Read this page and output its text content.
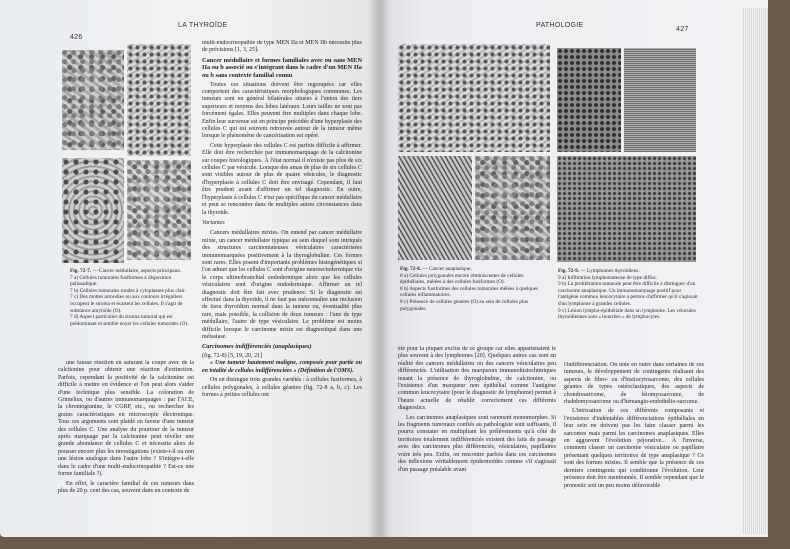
426
LA THYROÏDE
Fig. 72-7. — Cancer médullaire, aspects principaux.
7 a) Cellules tumorales fusiformes à disposition palissadique.
7 b) Cellules tumorales rondes à cytoplasme plus clair.
7 c) Des mottes arrondies ou aux contours irréguliers occupent le stroma et écartent les cellules. Il s'agit de substance amyloïde (O).
7 d) Aspect particulier du stroma tumoral qui est prédominant et semble noyer les cellules tumorales (O).

une fausse réaction en saturant la coupe avec de la calcitonine pour obtenir une réaction d'extinction. Parfois, cependant la positivité de la calcitonine est difficile à mettre en évidence et l'on peut alors s'aider d'une technique plus sensible. La coloration de Grimelius, ou d'autres immunomarquages : par l'ACE, la chromogranine, le CGRP, etc., ou rechercher les grains caractéristiques en microscopie électronique. Tous ces arguments sont plaidé en faveur d'une tumeur des cellules C. Une analyse du pourtour de la tumeur après marquage par la calcitonine peut révéler une grande abondance de cellules C et nécessite alors de pousser encore plus les investigations (existe-t-il ou non une lésion analogue dans l'autre lobe ? S'intègre-t-elle dans le cadre d'une multi-endocrinopathie ? Est-ce une forme familiale ?).

En effet, le caractère familial de ces tumeurs dans plus de 20 p. cent des cas, souvent dans un contexte de

multi-endocrinopathie de type MEN IIa et MEN IIb nécessite plus de précisions [1, 3, 25].

Cancer médullaire et formes familiales avec ou sans MEN IIa ou b associé ou s'intégrant dans le cadre d'un MEN IIa ou b sans contexte familial connu

Toutes ces situations doivent être regroupées car elles comportent des caractéristiques morphologiques communes. Les tumeurs sont en général bilatérales situées à l'union des tiers supérieurs et moyens des lobes latéraux. Leurs tailles ne sont pas forcément égales. Elles peuvent être multiples dans chaque lobe. Enfin leur survenue est en principe précédée d'une hyperplasie des cellules C qui est souvent retrouvée autour de la tumeur même lorsque le phénomène de cancérisation est opéré.

Cette hyperplasie des cellules C est parfois difficile à affirmer. Elle doit être recherchée par immunomarquage de la calcitonine sur coupes histologiques. À l'état normal il n'existe pas plus de six cellules C par vésicule. Lorsque des amas de plus de six cellules C sont visibles autour de plus de quatre vésicules, le diagnostic d'hyperplasie à cellules C doit être envisagé. Cependant, il faut être prudent avant d'affirmer un tel diagnostic. En outre, l'hyperplasie à cellules C n'est pas spécifique du cancer médullaire et peut se rencontrer dans de multiples autres circonstances dans la thyroïde.

Variantes

Cancers médullaires mixtes. On entend par cancer médullaire mixte, un cancer médullaire typique au sein duquel sont intriqués des structures carcinomateuses vésiculaires caractérisées immunomarquées positivement à la thyroglobuline. Ces formes sont rares. Elles posent d'importants problèmes histogénétiques si l'on admet que les cellules C sont d'origine neuroectodermique via le corps ultimobranchial endodermique alors que les cellules vésiculaires sont d'origine endodermique. Affirmer un tel diagnostic doit être fait avec prudence. Si le diagnostic est effectué dans la thyroïde, il ne faut pas méconnaître une inclusion de tissu thyroïdien normal dans la tumeur ou, éventualité plus rare, mais possible, la collision de deux tumeurs : l'une de type médullaire, l'autre de type vésiculaire. Le problème est moins difficile lorsque le carcinome mixte est diagnostiqué dans une métastase.

Carcinomes indifférenciés (anaplasiques)
(fig. 72-8) [5, 19, 20, 21]

« Une tumeur hautement maligne, composée pour partie ou en totalité de cellules indifférenciées » (Définition de l'OMS).

On en distingue trois grandes variétés : à cellules fusiformes, à cellules polygonales, à cellules géantes (fig. 72-8 a, b, c). Les formes à petites cellules ont

427
PATHOLOGIE
Fig. 72-8. — Cancer anaplasique.
8 a) Cellules polygonales encore réminiscentes de cellules épithéliales, mêlées à des cellules fusiformes (O).
8 b) Aspects fusiformes des cellules tumorales mêlées à quelques cellules inflammatoires.
8 c) Présence de cellules géantes (O) au sein de cellules plus polygonales.
Fig. 72-9. — Lymphomes thyroïdiens.
9 a) Infiltration lymphomateuse de type diffus.
9 b) La prolifération tumorale peut être difficile à distinguer d'un carcinome anaplasique. Un immunomarquage positif pour l'antigène commun leucocytaire a permis d'affirmer qu'il s'agissait d'un lymphome à grandes cellules.
9 c) Lésion lympho-épithéliale dans un lymphome. Les vésicules thyroïdiennes sont « bourrées » de lymphocytes.

été pour la plupart exclus de ce groupe car elles appartenaient le plus souvent à des lymphomes [20]. Quelques autres cas sont en réalité des cancers médullaires ou des cancers vésiculaires peu différenciés. L'utilisation des marqueurs immunohistochimiques tenant la présence de thyroglobuline, de calcitonine, ou l'existence d'un marqueur non épithélial comme l'antigène commun leucocytaire (pour le diagnostic de lymphome) permet à l'heure actuelle de rétablir correctement ces différents diagnostics.

Les carcinomes anaplasiques sont rarement monomorphes. Si les fragments tumoraux confiés au pathologiste sont suffisants, il pourra constater en multipliant les prélèvements qu'à côté de territoires totalement indifférenciés existent des faits de passage avec des carcinomes plus différenciés, vésiculaires, papillaires voire très peu. Enfin, on rencontre parfois dans ces carcinomes des inflexions véritablement épidermoïdes comme s'il s'agissait d'un passage préalable avant

l'indifférenciation. On note en outre dans certaines de ces tumeurs, le développement de contingents réalisant des aspects de fibro- ou d'histiocytosarcome, des cellules géantes de types ostéoclastiques, des aspects de chondrosarcome, de léiomyosarcome, de rhabdomyosarcome ou d'hémangio-endothélio-sarcome.

L'intrication de ces différents composants et l'existence d'indéniables différenciations épithéliales en leur sein ne doivent pas les faire classer parmi les sarcomes mais parmi les carcinomes anaplasiques. Elles en aggravent l'évolution péjorative... À l'inverse, comment classer un carcinome vésiculaire ou papillaire présentant quelques territoires de type anaplasique ? Ce sont des formes mixtes. Il semble que la présence de ces derniers contingents qui conditionne l'évolution. Leur présence doit être mentionnée. Il semble cependant que le pronostic soit un peu moins défavorable
